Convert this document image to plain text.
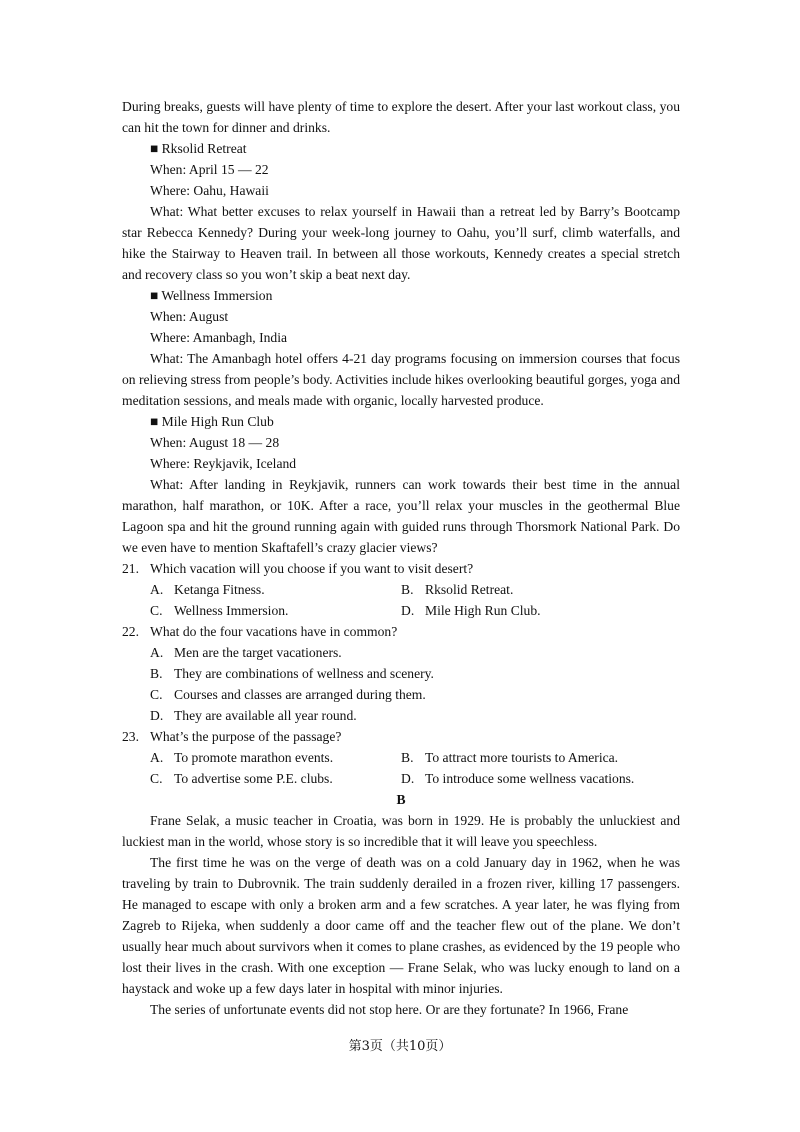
During breaks, guests will have plenty of time to explore the desert. After your last workout class, you can hit the town for dinner and drinks.

■ Rksolid Retreat
When: April 15 — 22
Where: Oahu, Hawaii

What: What better excuses to relax yourself in Hawaii than a retreat led by Barry’s Bootcamp star Rebecca Kennedy? During your week-long journey to Oahu, you’ll surf, climb waterfalls, and hike the Stairway to Heaven trail. In between all those workouts, Kennedy creates a special stretch and recovery class so you won’t skip a beat next day.

■ Wellness Immersion
When: August
Where: Amanbagh, India

What: The Amanbagh hotel offers 4-21 day programs focusing on immersion courses that focus on relieving stress from people’s body. Activities include hikes overlooking beautiful gorges, yoga and meditation sessions, and meals made with organic, locally harvested produce.

■ Mile High Run Club
When: August 18 — 28
Where: Reykjavik, Iceland

What: After landing in Reykjavik, runners can work towards their best time in the annual marathon, half marathon, or 10K. After a race, you’ll relax your muscles in the geothermal Blue Lagoon spa and hit the ground running again with guided runs through Thorsmork National Park. Do we even have to mention Skaftafell’s crazy glacier views?

21. Which vacation will you choose if you want to visit desert?

A. Ketanga Fitness.	B. Rksolid Retreat.
C. Wellness Immersion.	D. Mile High Run Club.

22. What do the four vacations have in common?

A. Men are the target vacationers.
B. They are combinations of wellness and scenery.
C. Courses and classes are arranged during them.
D. They are available all year round.

23. What’s the purpose of the passage?

A. To promote marathon events.	B. To attract more tourists to America.
C. To advertise some P.E. clubs.	D. To introduce some wellness vacations.

B

Frane Selak, a music teacher in Croatia, was born in 1929. He is probably the unluckiest and luckiest man in the world, whose story is so incredible that it will leave you speechless.

The first time he was on the verge of death was on a cold January day in 1962, when he was traveling by train to Dubrovnik. The train suddenly derailed in a frozen river, killing 17 passengers. He managed to escape with only a broken arm and a few scratches. A year later, he was flying from Zagreb to Rijeka, when suddenly a door came off and the teacher flew out of the plane. We don’t usually hear much about survivors when it comes to plane crashes, as evidenced by the 19 people who lost their lives in the crash. With one exception — Frane Selak, who was lucky enough to land on a haystack and woke up a few days later in hospital with minor injuries.

The series of unfortunate events did not stop here. Or are they fortunate? In 1966, Frane

第3页（共10页）
